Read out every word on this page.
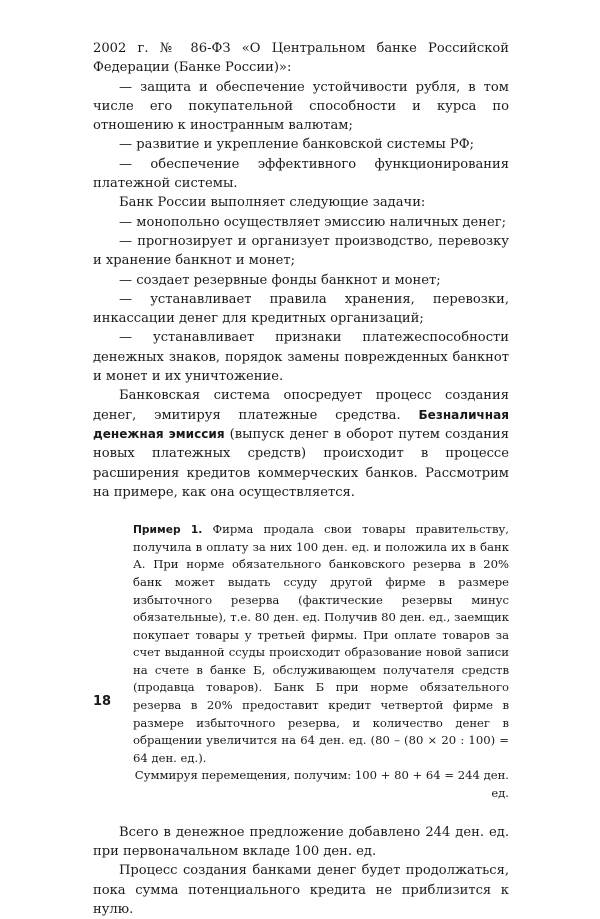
2002 г. № 86-ФЗ «О Центральном банке Российской Федерации (Банке России)»:

— защита и обеспечение устойчивости рубля, в том числе его покупательной способности и курса по отношению к иностранным валютам;

— развитие и укрепление банковской системы РФ;

— обеспечение эффективного функционирования платежной системы.

Банк России выполняет следующие задачи:

— монопольно осуществляет эмиссию наличных денег;

— прогнозирует и организует производство, перевозку и хранение банкнот и монет;

— создает резервные фонды банкнот и монет;

— устанавливает правила хранения, перевозки, инкассации денег для кредитных организаций;

— устанавливает признаки платежеспособности денежных знаков, порядок замены поврежденных банкнот и монет и их уничтожение.

Банковская система опосредует процесс создания денег, эмитируя платежные средства. Безналичная денежная эмиссия (выпуск денег в оборот путем создания новых платежных средств) происходит в процессе расширения кредитов коммерческих банков. Рассмотрим на примере, как она осуществляется.

Пример 1. Фирма продала свои товары правительству, получила в оплату за них 100 ден. ед. и положила их в банк А. При норме обязательного банковского резерва в 20% банк может выдать ссуду другой фирме в размере избыточного резерва (фактические резервы минус обязательные), т.е. 80 ден. ед. Получив 80 ден. ед., заемщик покупает товары у третьей фирмы. При оплате товаров за счет выданной ссуды происходит образование новой записи на счете в банке Б, обслуживающем получателя средств (продавца товаров). Банк Б при норме обязательного резерва в 20% предоставит кредит четвертой фирме в размере избыточного резерва, и количество денег в обращении увеличится на 64 ден. ед. (80 – (80 × 20 : 100) = 64 ден. ед.).

Суммируя перемещения, получим: 100 + 80 + 64 = 244 ден. ед.

Всего в денежное предложение добавлено 244 ден. ед. при первоначальном вкладе 100 ден. ед.

Процесс создания банками денег будет продолжаться, пока сумма потенциального кредита не приблизится к нулю.

18
